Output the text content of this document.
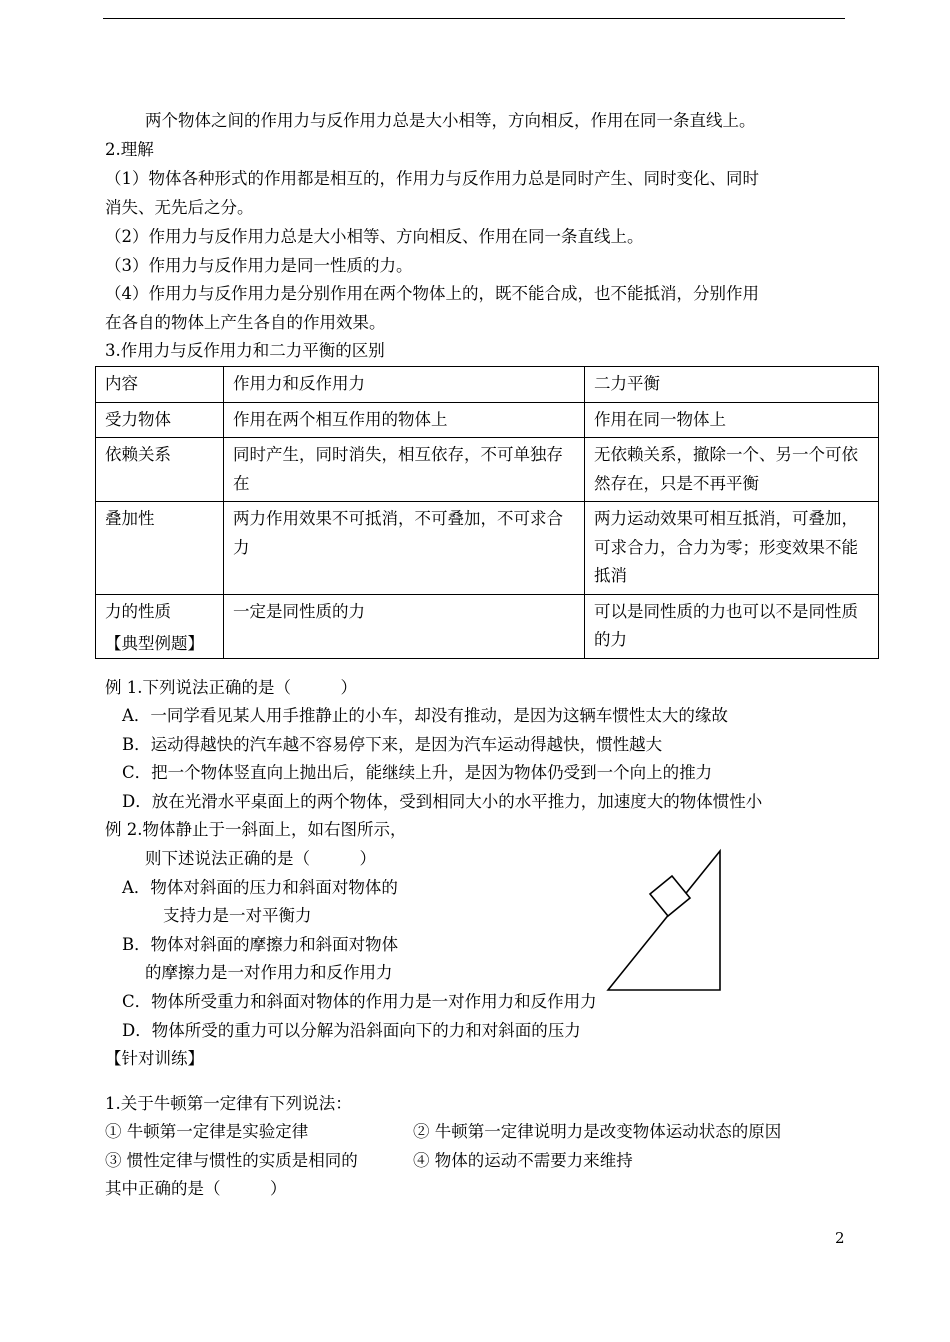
两个物体之间的作用力与反作用力总是大小相等，方向相反，作用在同一条直线上。
2.理解
（1）物体各种形式的作用都是相互的，作用力与反作用力总是同时产生、同时变化、同时
消失、无先后之分。
（2）作用力与反作用力总是大小相等、方向相反、作用在同一条直线上。
（3）作用力与反作用力是同一性质的力。
（4）作用力与反作用力是分别作用在两个物体上的，既不能合成，也不能抵消，分别作用
在各自的物体上产生各自的作用效果。
3.作用力与反作用力和二力平衡的区别
内容	作用力和反作用力	二力平衡
受力物体	作用在两个相互作用的物体上	作用在同一物体上
依赖关系	同时产生，同时消失，相互依存，不可单独存在	无依赖关系，撤除一个、另一个可依然存在，只是不再平衡
叠加性	两力作用效果不可抵消，不可叠加，不可求合力	两力运动效果可相互抵消，可叠加，可求合力，合力为零；形变效果不能抵消
力的性质	一定是同性质的力	可以是同性质的力也可以不是同性质的力
【典型例题】
例 1.下列说法正确的是（　　　）
A．一同学看见某人用手推静止的小车，却没有推动，是因为这辆车惯性太大的缘故
B．运动得越快的汽车越不容易停下来，是因为汽车运动得越快，惯性越大
C．把一个物体竖直向上抛出后，能继续上升，是因为物体仍受到一个向上的推力
D．放在光滑水平桌面上的两个物体，受到相同大小的水平推力，加速度大的物体惯性小
例 2.物体静止于一斜面上，如右图所示，
则下述说法正确的是（　　　）
A．物体对斜面的压力和斜面对物体的
支持力是一对平衡力
B．物体对斜面的摩擦力和斜面对物体
的摩擦力是一对作用力和反作用力
C．物体所受重力和斜面对物体的作用力是一对作用力和反作用力
D．物体所受的重力可以分解为沿斜面向下的力和对斜面的压力
【针对训练】
1.关于牛顿第一定律有下列说法：
① 牛顿第一定律是实验定律	② 牛顿第一定律说明力是改变物体运动状态的原因
③ 惯性定律与惯性的实质是相同的	④ 物体的运动不需要力来维持
其中正确的是（　　　）
2
